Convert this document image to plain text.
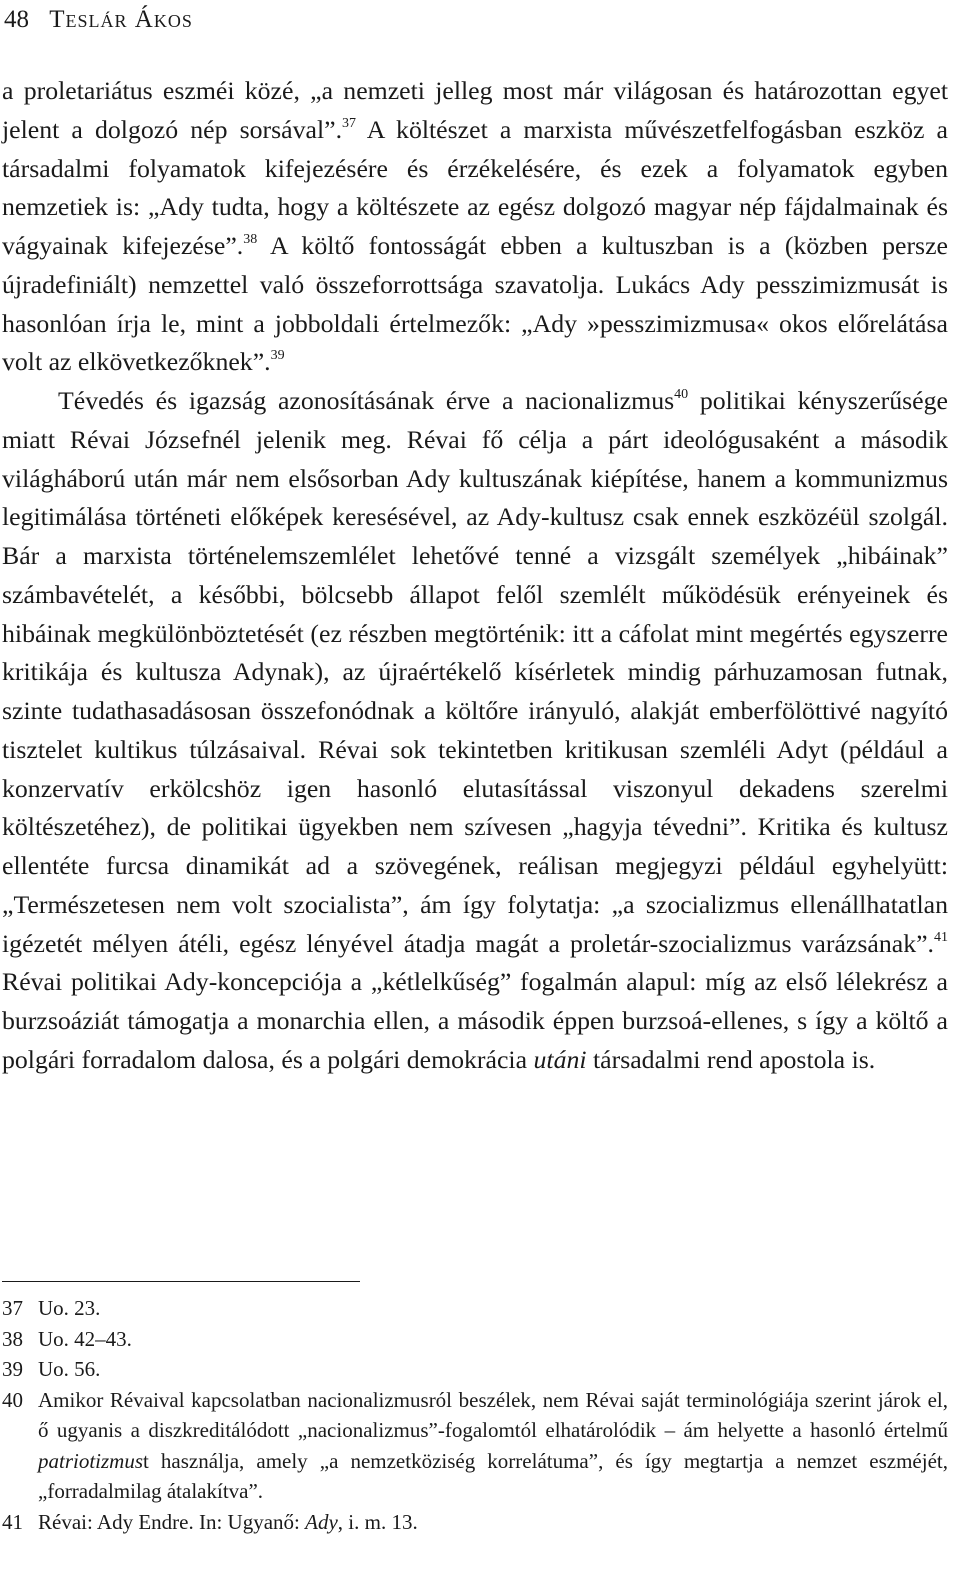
48 Teslár Ákos

a proletariátus eszméi közé, „a nemzeti jelleg most már világosan és határozottan egyet jelent a dolgozó nép sorsával”.$^{37}$ A költészet a marxista művészetfelfogásban eszköz a társadalmi folyamatok kifejezésére és érzékelésére, és ezek a folyamatok egyben nemzetiek is: „Ady tudta, hogy a költészete az egész dolgozó magyar nép fájdalmainak és vágyainak kifejezése”.$^{38}$ A költő fontosságát ebben a kultuszban is a (közben persze újradefiniált) nemzettel való összeforrottsága szavatolja. Lukács Ady pesszimizmusát is hasonlóan írja le, mint a jobboldali értelmezők: „Ady »pesszimizmusa« okos előrelátása volt az elkövetkezőknek”.$^{39}$

Tévedés és igazság azonosításának érve a nacionalizmus$^{40}$ politikai kényszerűsége miatt Révai Józsefnél jelenik meg. Révai fő célja a párt ideológusaként a második világháború után már nem elsősorban Ady kultuszának kiépítése, hanem a kommunizmus legitimálása történeti előképek keresésével, az Ady-kultusz csak ennek eszközéül szolgál. Bár a marxista történelemszemlélet lehetővé tenné a vizsgált személyek „hibáinak” számbavételét, a későbbi, bölcsebb állapot felől szemlélt működésük erényeinek és hibáinak megkülönböztetését (ez részben megtörténik: itt a cáfolat mint megértés egyszerre kritikája és kultusza Adynak), az újraértékelő kísérletek mindig párhuzamosan futnak, szinte tudathasadásosan összefonódnak a költőre irányuló, alakját emberfölöttivé nagyító tisztelet kultikus túlzásaival. Révai sok tekintetben kritikusan szemléli Adyt (például a konzervatív erkölcshöz igen hasonló elutasítással viszonyul dekadens szerelmi költészetéhez), de politikai ügyekben nem szívesen „hagyja tévedni”. Kritika és kultusz ellentéte furcsa dinamikát ad a szövegének, reálisan megjegyzi például egyhelyütt: „Természetesen nem volt szocialista”, ám így folytatja: „a szocializmus ellenállhatatlan igézetét mélyen átéli, egész lényével átadja magát a proletár-szocializmus varázsának”.$^{41}$ Révai politikai Ady-koncepciója a „kétlelkűség” fogalmán alapul: míg az első lélekrész a burzsoáziát támogatja a monarchia ellen, a második éppen burzsoá-ellenes, s így a költő a polgári forradalom dalosa, és a polgári demokrácia utáni társadalmi rend apostola is.

37 Uo. 23.
38 Uo. 42–43.
39 Uo. 56.
40 Amikor Révaival kapcsolatban nacionalizmusról beszélek, nem Révai saját terminológiája szerint járok el, ő ugyanis a diszkreditálódott „nacionalizmus”-fogalomtól elhatárolódik – ám helyette a hasonló értelmű patriotizmust használja, amely „a nemzetköziség korrelátuma”, és így megtartja a nemzet eszméjét, „forradalmilag átalakítva”.
41 Révai: Ady Endre. In: Ugyanő: Ady, i. m. 13.
